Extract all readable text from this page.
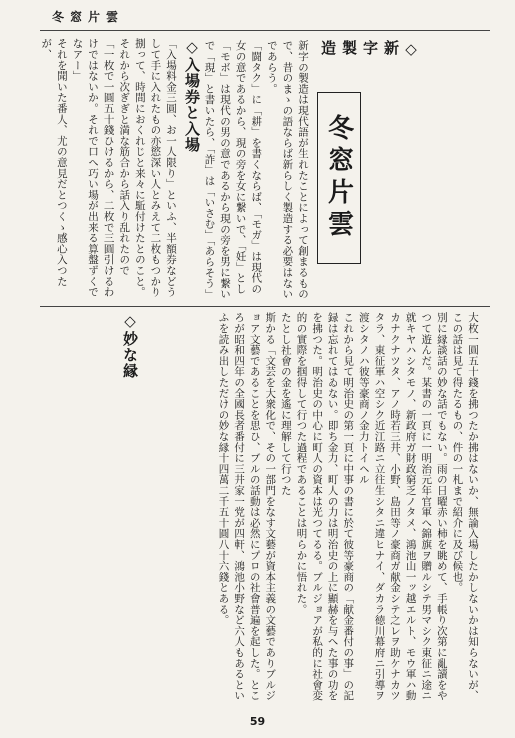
冬窓片雲
冬窓片雲
◇新字製造
新字の製造は現代語が生れたことによって創まるもので、昔のまゝの語ならば新らしく製造する必要はないであらう。
「闘タク」に「耕」を書くならば、「モガ」は現代の女の意であるから、現の旁を女に繋いで、「妊」とし「モボ」は現代の男の意であるから現の旁を男に繋いで「現」と書いたら、「詐」は「いさむ」「あらそう」

◇入場券と入場
「入場料金三圓、お一人限り」といふ、半額券などうして手に入れたもの亦慾深い人とみえて二枚もつかり捌って、時間におくれじと来々に駈付けたとのこと。それから次ぎぎと満な筋合から話入り乱れたので
「一枚で一圓五十錢ひけるから、二枚で三圓引けるわけではないか。それで口へ巧い場が出来る算盤ずくでなアー」
それを聞いた番人、尤の意見だとつくゝ感心入つたが、

◇妙な縁	大枚一圓五十錢を拂つたか拂はないか、無論入場したかしないかは知らないが、この話は見て得たるもの、件の一札まで紹介に及び候也。
別に縁談話の妙な話でもない。雨の日曜赤い柿を眺めて、手帳り次第に亂讀をやつて遊んだ。某書の一頁に一明治元年官軍へ錦旗ヲ贈ルシテ男マシク東征ニ途ニ就キヤハシタモノ、新政府ガ財政窮乏ノタメ、鴻池山一ッ越エルト、モウ軍ハ動カナクナツタ、アノ時若三井、小野、島田等ノ豪商ガ献金シテ之レヲ助ケナカツタラ、東征軍ハ空シク近江路ニ立往生シタニ違ヒナイ、ダカラ徳川幕府ニ引導ヲ渡シタノハ彼等豪商ノ金力トイヘル
これから見て明治史の第一頁に中事の書に於て彼等豪商の「献金番付の事」の記録は忘れてはゐない。即ち金力、町人の力は明治史の上に顯赫を与へた事の功をを拂つた。明治史の中心に町人の資本は光つてるる。ブルジョアが私的に社會変的の實際を掴得して行つた過程であることは明らかに悟れた。
たとし社會の金を遙に理解して行つた
斯かる「文芸を大衆化で、その一部門をなす文藝が資本主義の文藝でありブルジョア文藝であることを思ひ、ブルの話動は必然にプロの社會普遍を起した。ところが昭和四年の全國長者番付に三井家一党が四軒、鴻池小野など六人もあるといふを読み出しただけの妙な縁十四萬二千五十圓八十六錢とある。
59
